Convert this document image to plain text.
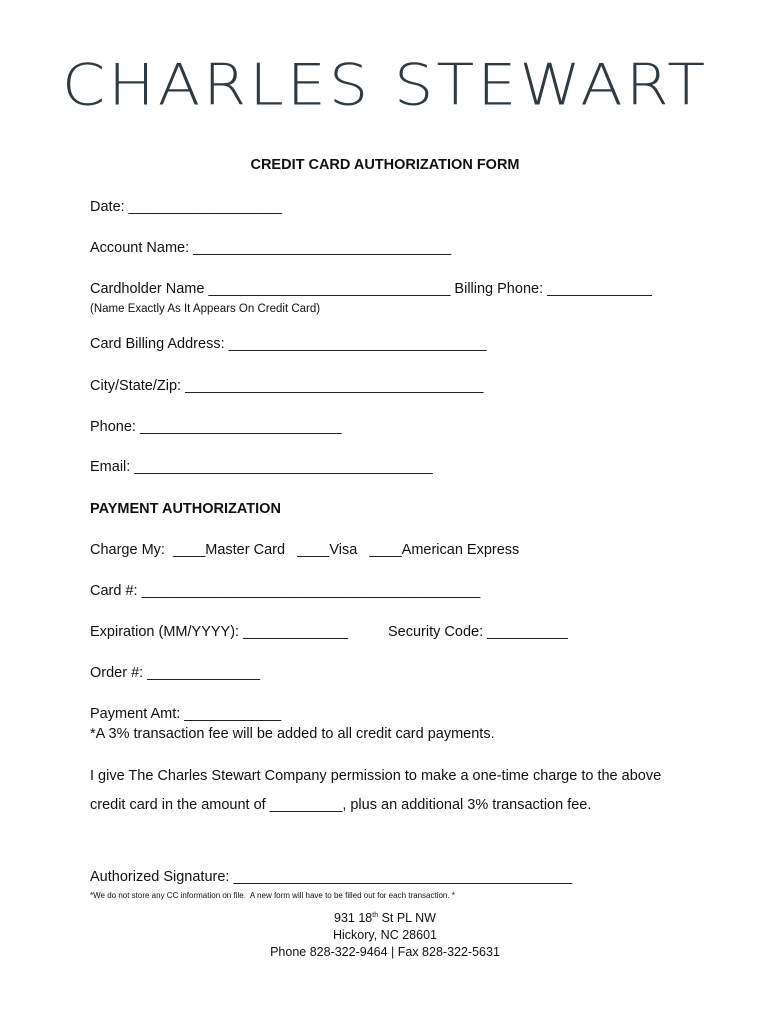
CHARLES STEWART
CREDIT CARD AUTHORIZATION FORM
Date: ___________________
Account Name: ________________________________
Cardholder Name ______________________________ Billing Phone: _____________
(Name Exactly As It Appears On Credit Card)
Card Billing Address: ________________________________
City/State/Zip: _____________________________________
Phone: _________________________
Email: _____________________________________
PAYMENT AUTHORIZATION
Charge My:  ____Master Card   ____Visa   ____American Express
Card #: __________________________________________
Expiration (MM/YYYY): _____________	Security Code: __________
Order #: ______________
Payment Amt: ____________
*A 3% transaction fee will be added to all credit card payments.
I give The Charles Stewart Company permission to make a one-time charge to the above
credit card in the amount of _________, plus an additional 3% transaction fee.
Authorized Signature: __________________________________________
*We do not store any CC information on file.  A new form will have to be filled out for each transaction. *
931 18th St PL NW
Hickory, NC 28601
Phone 828-322-9464 | Fax 828-322-5631
